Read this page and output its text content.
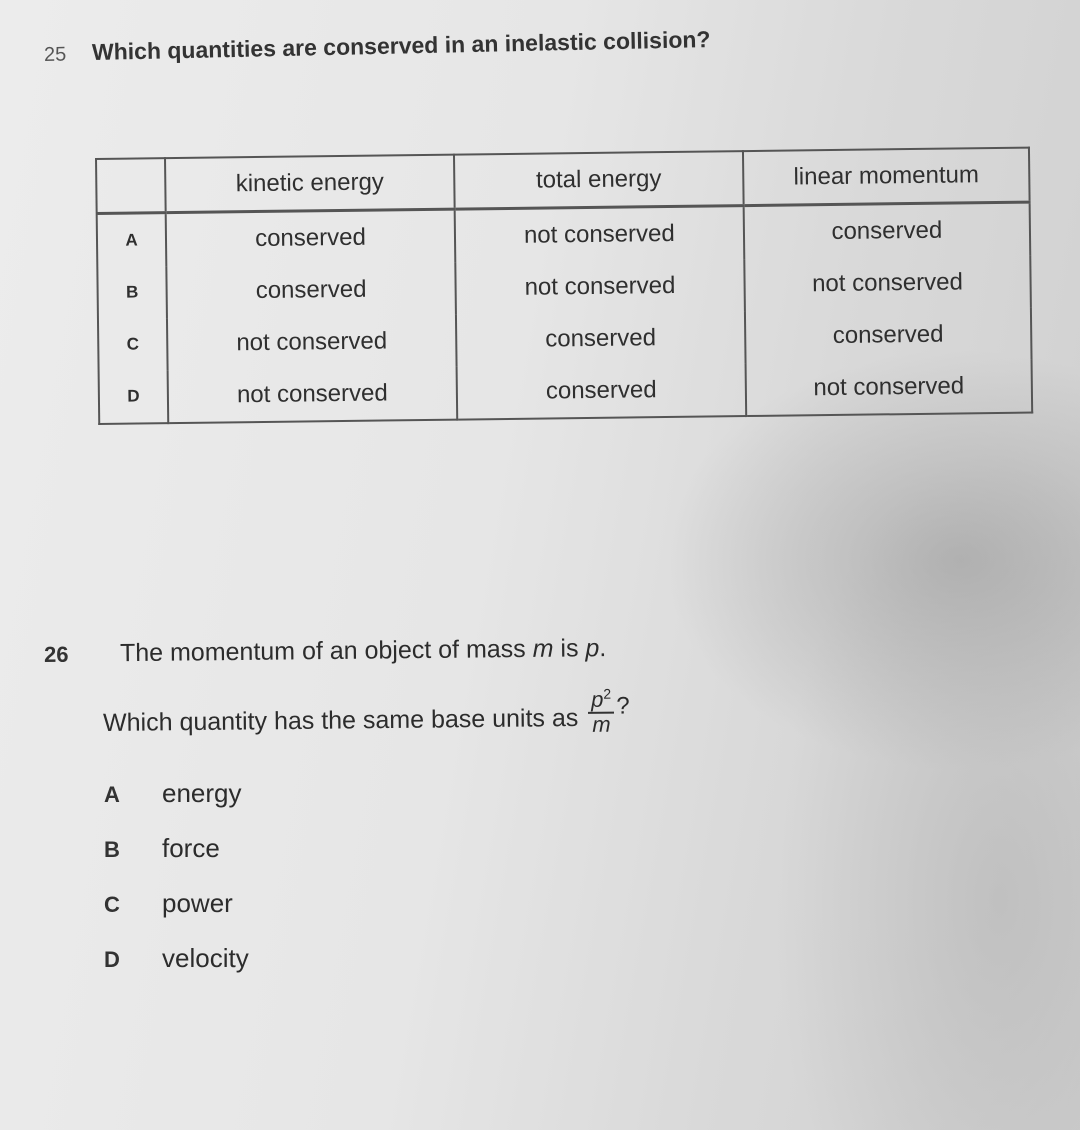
25	Which quantities are conserved in an inelastic collision?
	kinetic energy	total energy	linear momentum
A	conserved	not conserved	conserved
B	conserved	not conserved	not conserved
C	not conserved	conserved	conserved
D	not conserved	conserved	not conserved
26	The momentum of an object of mass m is p.
Which quantity has the same base units as $\frac{p^2}{m}$ ?
A	energy
B	force
C	power
D	velocity
